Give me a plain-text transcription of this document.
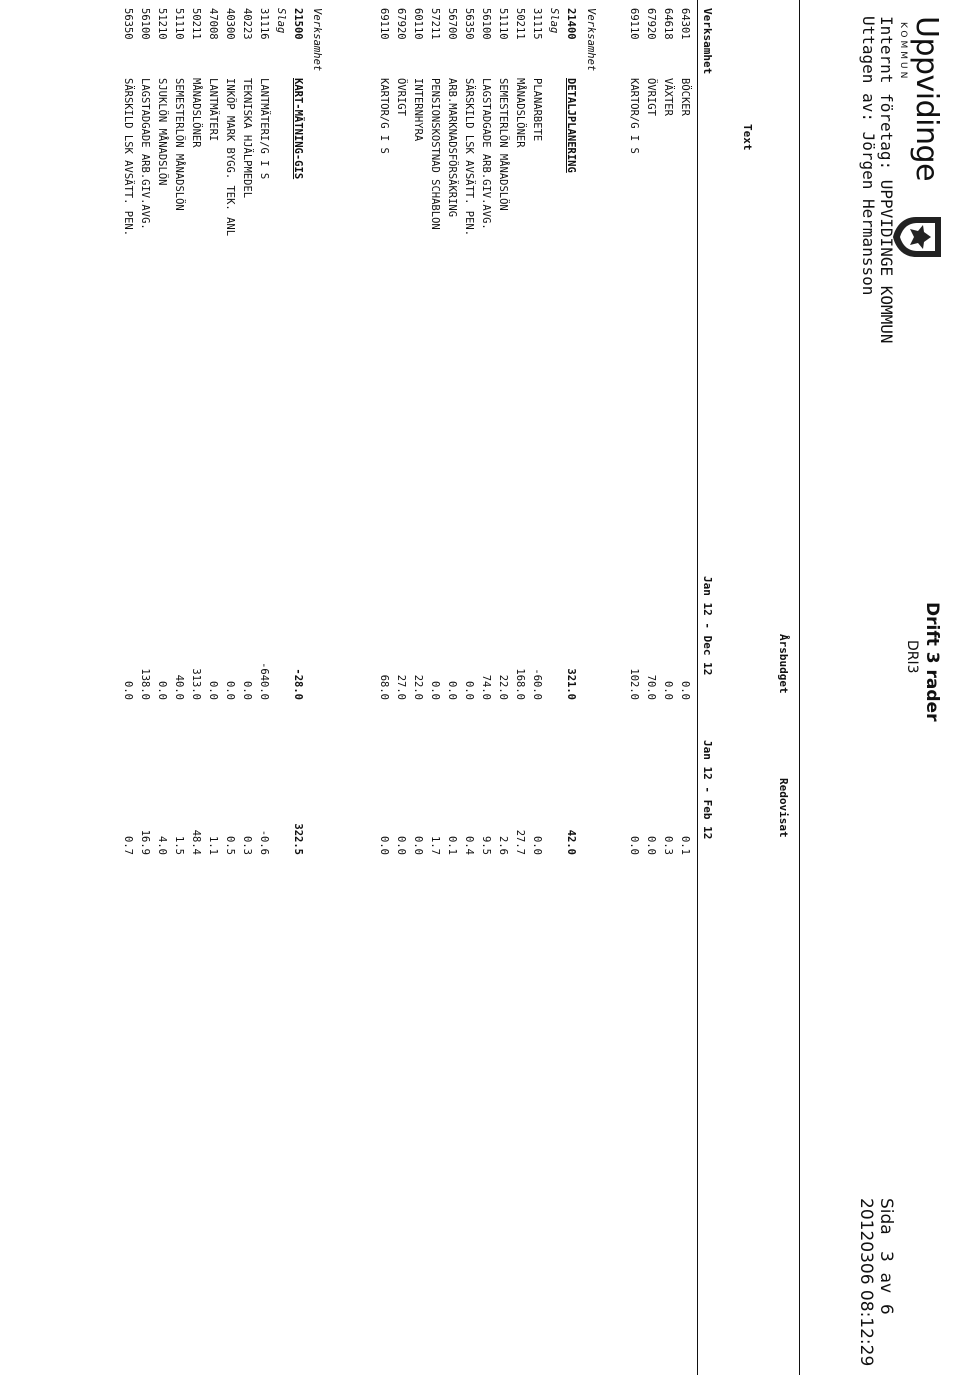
Uppvidinge
KOMMUN
Internt företag: UPPVIDINGE KOMMUN
Uttagen av: Jörgen Hermansson
Drift 3 rader
DRI3
Sida   3  av  6
20120306 08:12:29
Årsbudget
Redovisat
Text
Verksamhet
Jan 12 - Dec 12
Jan 12 - Feb 12
64301
BÖCKER
0.0
0.1
64618
VÄXTER
0.0
0.3
67920
ÖVRIGT
70.0
0.0
69110
KARTOR/G I S
102.0
0.0
Verksamhet
21400
DETALJPLANERING
321.0
42.0
Slag
31115
PLANARBETE
-60.0
0.0
50211
MÅNADSLÖNER
168.0
27.7
51110
SEMESTERLÖN MÅNADSLÖN
22.0
2.6
56100
LAGSTADGADE ARB.GIV.AVG.
74.0
9.5
56350
SÄRSKILD LSK AVSÄTT. PEN.
0.0
0.4
56700
ARB.MARKNADSFÖRSÄKRING
0.0
0.1
57211
PENSIONSKOSTNAD SCHABLON
0.0
1.7
60110
INTERNHYRA
22.0
0.0
67920
ÖVRIGT
27.0
0.0
69110
KARTOR/G I S
68.0
0.0
Verksamhet
21500
KART-MÄTNING-GIS
-28.0
322.5
Slag
31116
LANTMÄTERI/G I S
-640.0
-0.6
40223
TEKNISKA HJÄLPMEDEL
0.0
0.3
40300
INKÖP MARK BYGG. TEK. ANL
0.0
0.5
47008
LANTMÄTERI
0.0
1.1
50211
MÅNADSLÖNER
313.0
48.4
51110
SEMESTERLÖN MÅNADSLÖN
40.0
1.5
51210
SJUKLÖN MÅNADSLÖN
0.0
4.0
56100
LAGSTADGADE ARB.GIV.AVG.
138.0
16.9
56350
SÄRSKILD LSK AVSÄTT. PEN.
0.0
0.7
